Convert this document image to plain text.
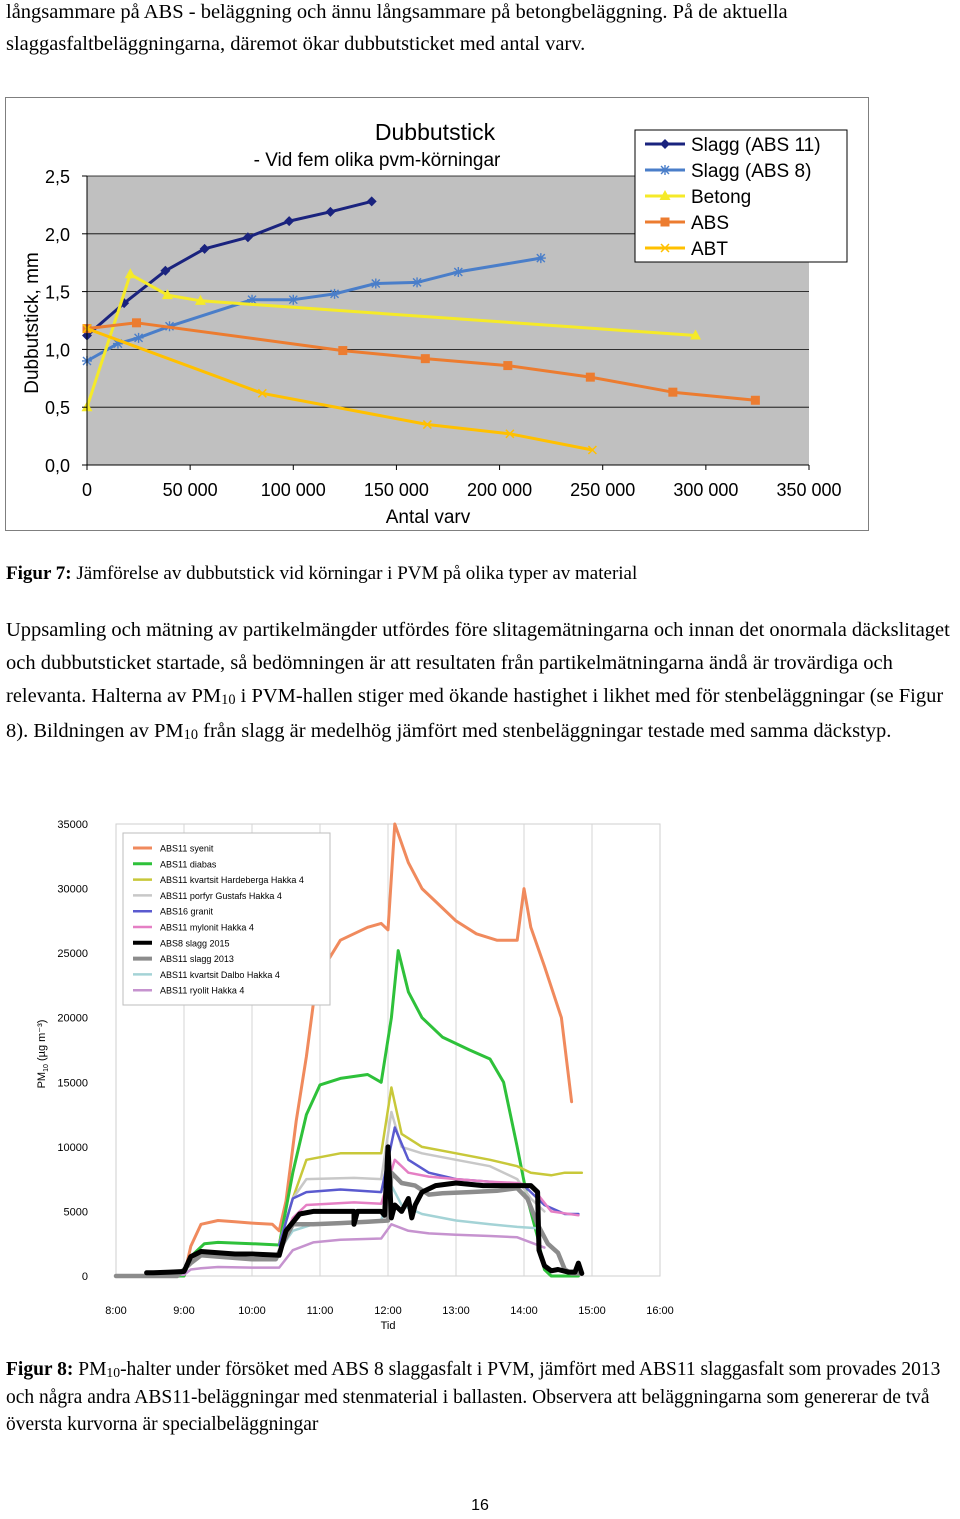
långsammare på ABS - beläggning och ännu långsammare på betongbeläggning. På de aktuella slaggasfaltbeläggningarna, däremot ökar dubbutsticket med antal varv.

0,0
0,5
1,0
1,5
2,0
2,5
0	50 000 100 000 150 000 200 000 250 000 300 000 350 000
Dubbutstick
- Vid fem olika pvm-körningar
Antal varv
Dubbutstick, mm
Slagg (ABS 11)
Slagg (ABS 8)
Betong
ABS
ABT

Figur 7: Jämförelse av dubbutstick vid körningar i PVM på olika typer av material

Uppsamling och mätning av partikelmängder utfördes före slitagemätningarna och innan det onormala däckslitaget och dubbutsticket startade, så bedömningen är att resultaten från partikelmätningarna ändå är trovärdiga och relevanta. Halterna av $PM_{10}$ i PVM-hallen stiger med ökande hastighet i likhet med för stenbeläggningar (se Figur 8). Bildningen av $PM_{10}$ från slagg är medelhög jämfört med stenbeläggningar testade med samma däckstyp.

0
5000
10000
15000
20000
25000
30000
35000
8:00	9:00	10:00	11:00	12:00	13:00	14:00	15:00	16:00
Tid
$PM_{10}$ (µg m⁻³)
ABS11 syenit
ABS11 diabas
ABS11 kvartsit Hardeberga Hakka 4
ABS11 porfyr Gustafs Hakka 4
ABS16 granit
ABS11 mylonit Hakka 4
ABS8 slagg 2015
ABS11 slagg 2013
ABS11 kvartsit Dalbo Hakka 4
ABS11 ryolit Hakka 4

Figur 8: $PM_{10}$-halter under försöket med ABS 8 slaggasfalt i PVM, jämfört med ABS11 slaggasfalt som provades 2013 och några andra ABS11-beläggningar med stenmaterial i ballasten. Observera att beläggningarna som genererar de två översta kurvorna är specialbeläggningar

16
